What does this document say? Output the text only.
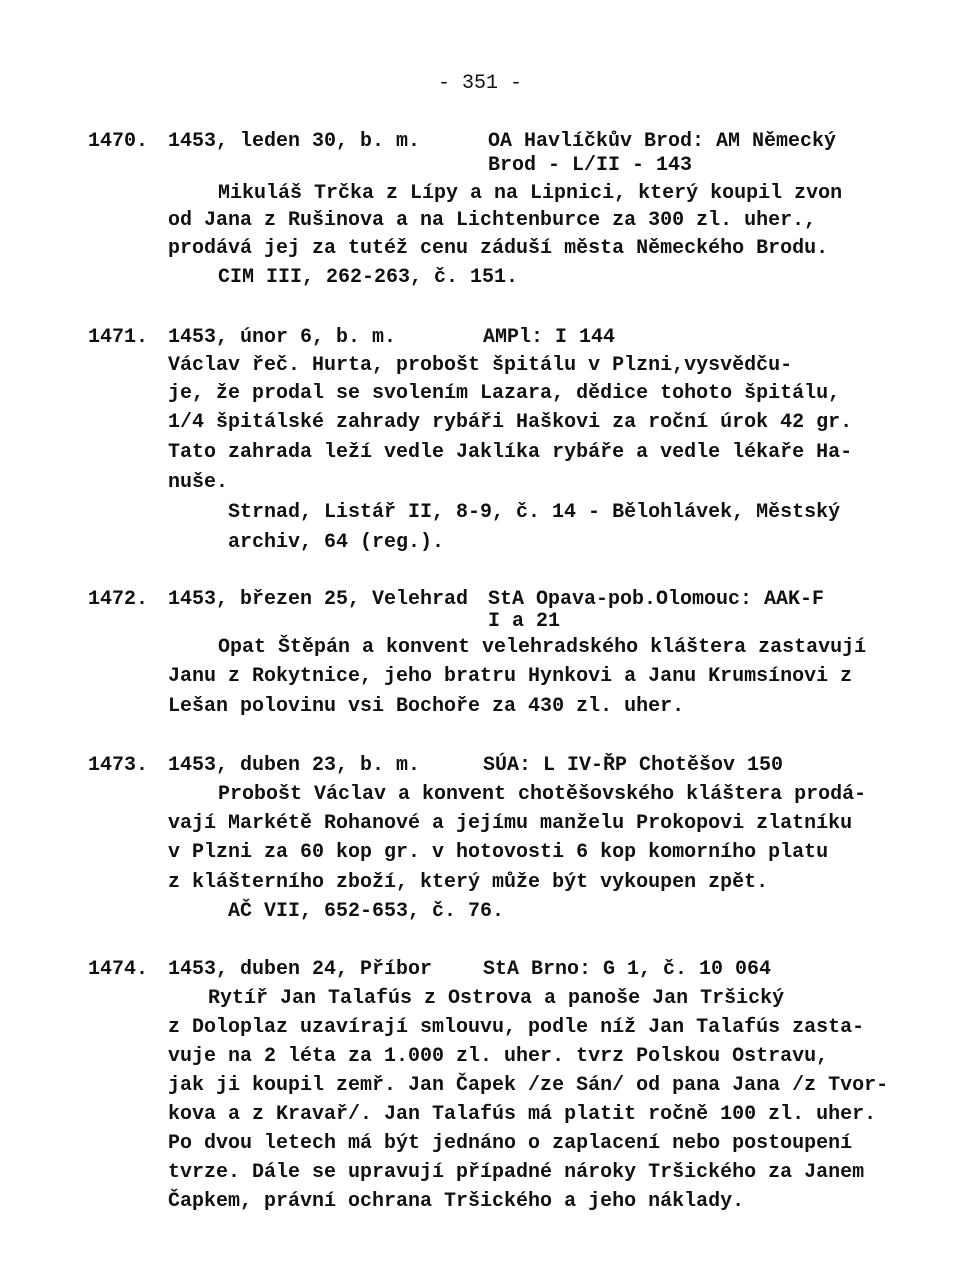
- 351 -
1470. 1453, leden 30, b. m.	OA Havlíčkův Brod: AM Německý
Brod - L/II - 143
Mikuláš Trčka z Lípy a na Lipnici, který koupil zvon
od Jana z Rušinova a na Lichtenburce za 300 zl. uher.,
prodává jej za tutéž cenu záduší města Německého Brodu.
CIM III, 262-263, č. 151.
1471. 1453, únor 6, b. m.	AMPl: I 144
Václav řeč. Hurta, probošt špitálu v Plzni,vysvědču-
je, že prodal se svolením Lazara, dědice tohoto špitálu,
1/4 špitálské zahrady rybáři Haškovi za roční úrok 42 gr.
Tato zahrada leží vedle Jaklíka rybáře a vedle lékaře Ha-
nuše.
Strnad, Listář II, 8-9, č. 14 - Bělohlávek, Městský
archiv, 64 (reg.).
1472. 1453, březen 25, Velehrad StA Opava-pob.Olomouc: AAK-F
I a 21
Opat Štěpán a konvent velehradského kláštera zastavují
Janu z Rokytnice, jeho bratru Hynkovi a Janu Krumsínovi z
Lešan polovinu vsi Bochoře za 430 zl. uher.
1473. 1453, duben 23, b. m.	SÚA: L IV-ŘP Chotěšov 150
Probošt Václav a konvent chotěšovského kláštera prodá-
vají Markétě Rohanové a jejímu manželu Prokopovi zlatníku
v Plzni za 60 kop gr. v hotovosti 6 kop komorního platu
z klášterního zboží, který může být vykoupen zpět.
AČ VII, 652-653, č. 76.
1474. 1453, duben 24, Příbor	StA Brno: G 1, č. 10 064
Rytíř Jan Talafús z Ostrova a panoše Jan Tršický
z Doloplaz uzavírají smlouvu, podle níž Jan Talafús zasta-
vuje na 2 léta za 1.000 zl. uher. tvrz Polskou Ostravu,
jak ji koupil zemř. Jan Čapek /ze Sán/ od pana Jana /z Tvor-
kova a z Kravař/. Jan Talafús má platit ročně 100 zl. uher.
Po dvou letech má být jednáno o zaplacení nebo postoupení
tvrze. Dále se upravují případné nároky Tršického za Janem
Čapkem, právní ochrana Tršického a jeho náklady.
